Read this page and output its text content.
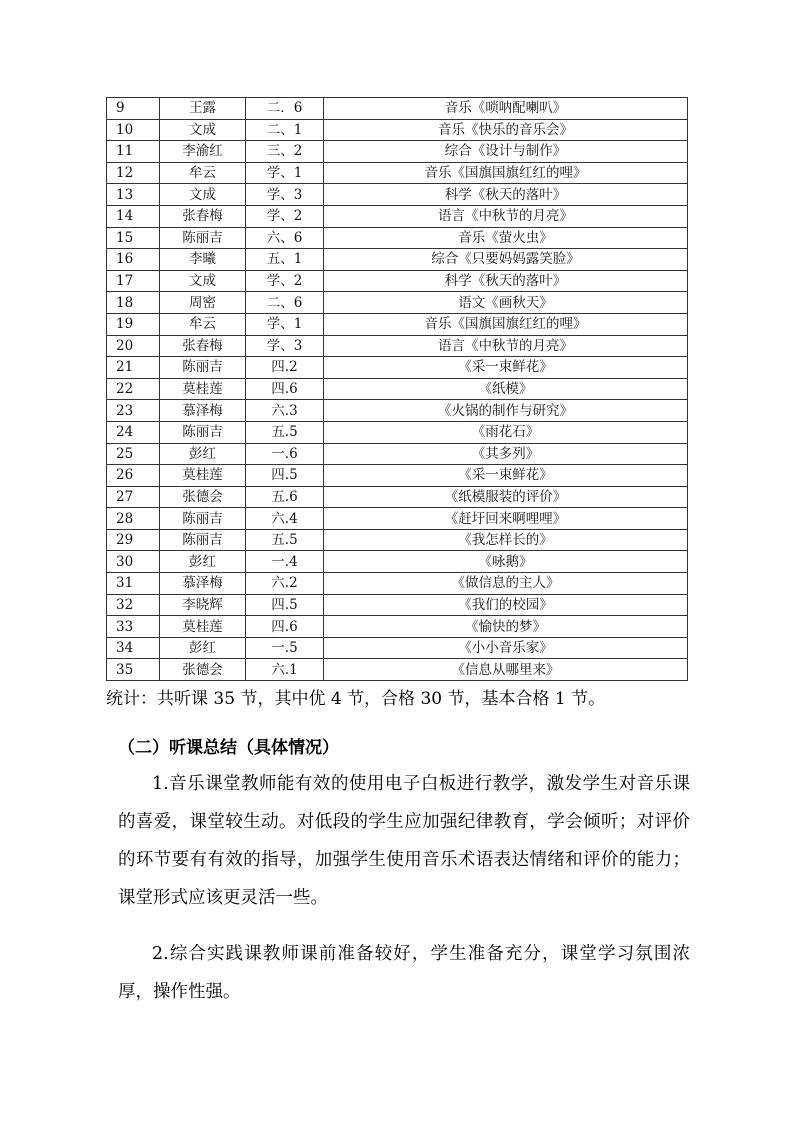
9	王露	二．6	音乐《唢呐配喇叭》
10	文成	二、1	音乐《快乐的音乐会》
11	李渝红	三、2	综合《设计与制作》
12	牟云	学、1	音乐《国旗国旗红红的哩》
13	文成	学、3	科学《秋天的落叶》
14	张春梅	学、2	语言《中秋节的月亮》
15	陈丽吉	六、6	音乐《萤火虫》
16	李曦	五、1	综合《只要妈妈露笑脸》
17	文成	学、2	科学《秋天的落叶》
18	周密	二、6	语文《画秋天》
19	牟云	学、1	音乐《国旗国旗红红的哩》
20	张春梅	学、3	语言《中秋节的月亮》
21	陈丽吉	四.2	《采一束鲜花》
22	莫桂莲	四.6	《纸模》
23	慕泽梅	六.3	《火锅的制作与研究》
24	陈丽吉	五.5	《雨花石》
25	彭红	一.6	《其多列》
26	莫桂莲	四.5	《采一束鲜花》
27	张德会	五.6	《纸模服装的评价》
28	陈丽吉	六.4	《赶圩回来啊哩哩》
29	陈丽吉	五.5	《我怎样长的》
30	彭红	一.4	《咏鹅》
31	慕泽梅	六.2	《做信息的主人》
32	李晓辉	四.5	《我们的校园》
33	莫桂莲	四.6	《愉快的梦》
34	彭红	一.5	《小小音乐家》
35	张德会	六.1	《信息从哪里来》
统计：共听课 35 节，其中优 4 节，合格 30 节，基本合格 1 节。
（二）听课总结（具体情况）

1.音乐课堂教师能有效的使用电子白板进行教学，激发学生对音乐课的喜爱，课堂较生动。对低段的学生应加强纪律教育，学会倾听；对评价的环节要有有效的指导，加强学生使用音乐术语表达情绪和评价的能力；课堂形式应该更灵活一些。

2.综合实践课教师课前准备较好，学生准备充分，课堂学习氛围浓厚，操作性强。
